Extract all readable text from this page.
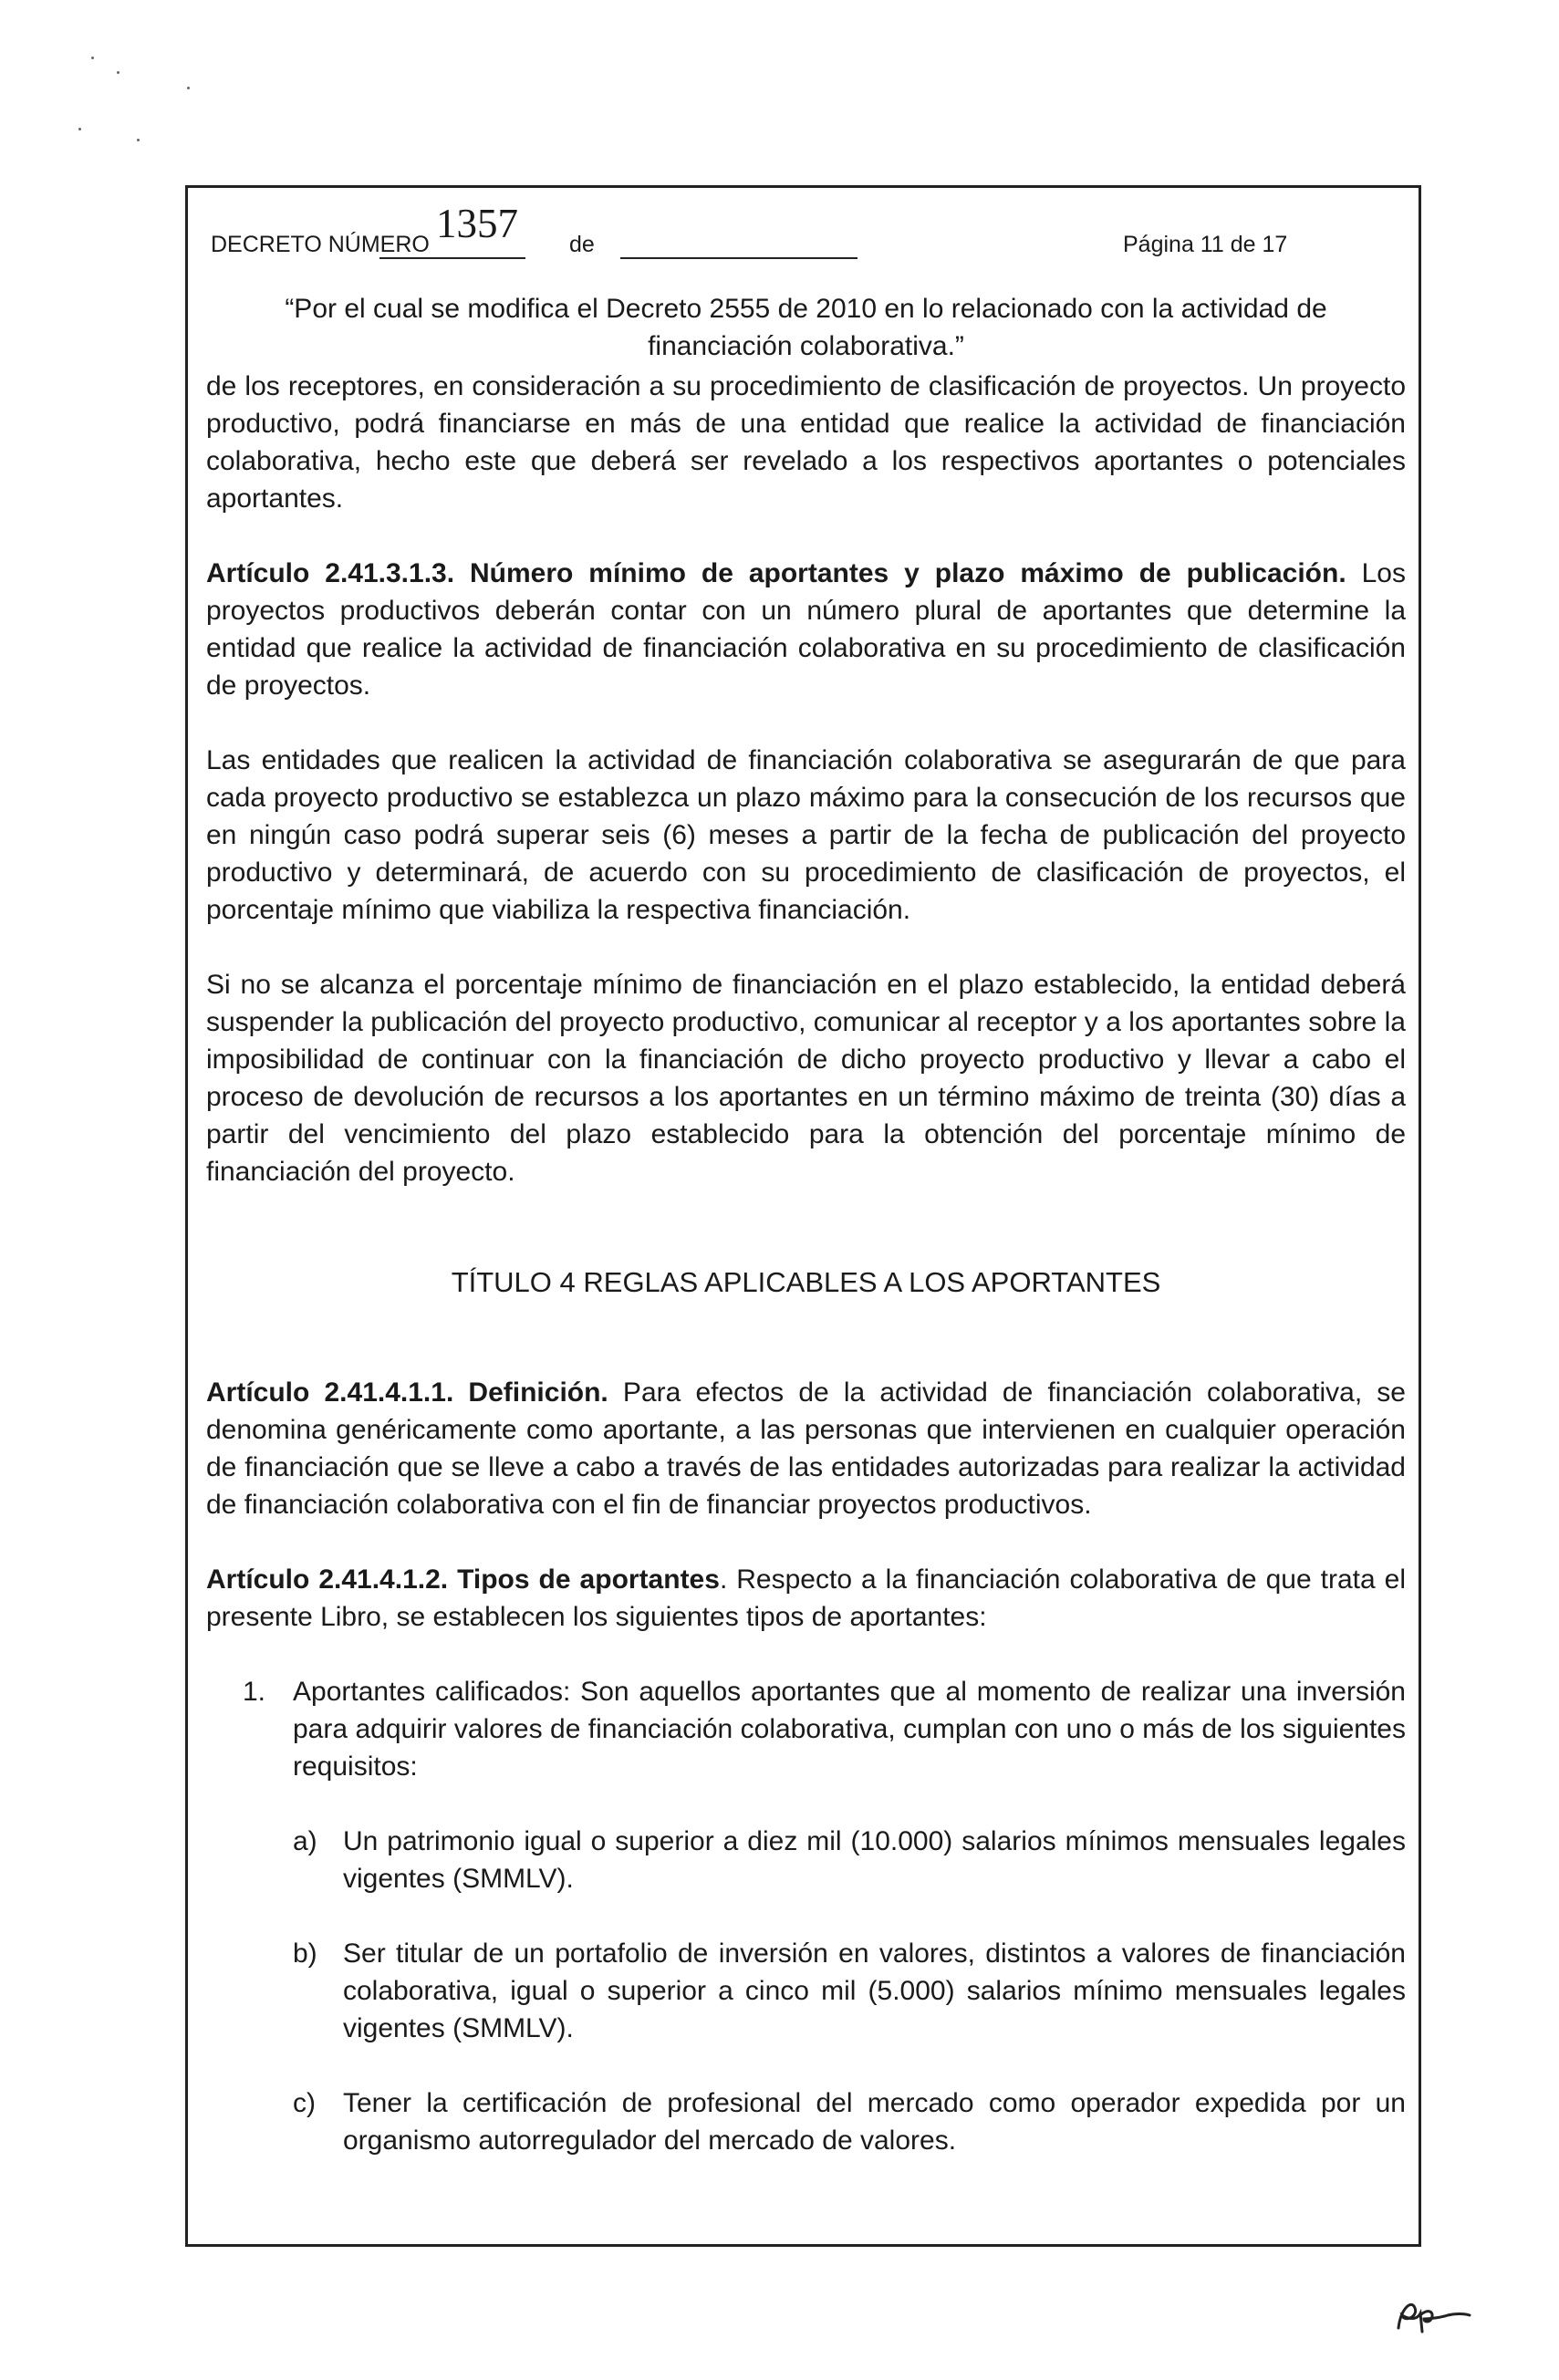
DECRETO NÚMERO 1357 de	Página 11 de 17
“Por el cual se modifica el Decreto 2555 de 2010 en lo relacionado con la actividad de financiación colaborativa.”

de los receptores, en consideración a su procedimiento de clasificación de proyectos. Un proyecto productivo, podrá financiarse en más de una entidad que realice la actividad de financiación colaborativa, hecho este que deberá ser revelado a los respectivos aportantes o potenciales aportantes.

Artículo 2.41.3.1.3. Número mínimo de aportantes y plazo máximo de publicación. Los proyectos productivos deberán contar con un número plural de aportantes que determine la entidad que realice la actividad de financiación colaborativa en su procedimiento de clasificación de proyectos.

Las entidades que realicen la actividad de financiación colaborativa se asegurarán de que para cada proyecto productivo se establezca un plazo máximo para la consecución de los recursos que en ningún caso podrá superar seis (6) meses a partir de la fecha de publicación del proyecto productivo y determinará, de acuerdo con su procedimiento de clasificación de proyectos, el porcentaje mínimo que viabiliza la respectiva financiación.

Si no se alcanza el porcentaje mínimo de financiación en el plazo establecido, la entidad deberá suspender la publicación del proyecto productivo, comunicar al receptor y a los aportantes sobre la imposibilidad de continuar con la financiación de dicho proyecto productivo y llevar a cabo el proceso de devolución de recursos a los aportantes en un término máximo de treinta (30) días a partir del vencimiento del plazo establecido para la obtención del porcentaje mínimo de financiación del proyecto.

TÍTULO 4 REGLAS APLICABLES A LOS APORTANTES

Artículo 2.41.4.1.1. Definición. Para efectos de la actividad de financiación colaborativa, se denomina genéricamente como aportante, a las personas que intervienen en cualquier operación de financiación que se lleve a cabo a través de las entidades autorizadas para realizar la actividad de financiación colaborativa con el fin de financiar proyectos productivos.

Artículo 2.41.4.1.2. Tipos de aportantes. Respecto a la financiación colaborativa de que trata el presente Libro, se establecen los siguientes tipos de aportantes:

1. Aportantes calificados: Son aquellos aportantes que al momento de realizar una inversión para adquirir valores de financiación colaborativa, cumplan con uno o más de los siguientes requisitos:
a) Un patrimonio igual o superior a diez mil (10.000) salarios mínimos mensuales legales vigentes (SMMLV).
b) Ser titular de un portafolio de inversión en valores, distintos a valores de financiación colaborativa, igual o superior a cinco mil (5.000) salarios mínimo mensuales legales vigentes (SMMLV).
c)	Tener la certificación de profesional del mercado como operador expedida por un organismo autorregulador del mercado de valores.
